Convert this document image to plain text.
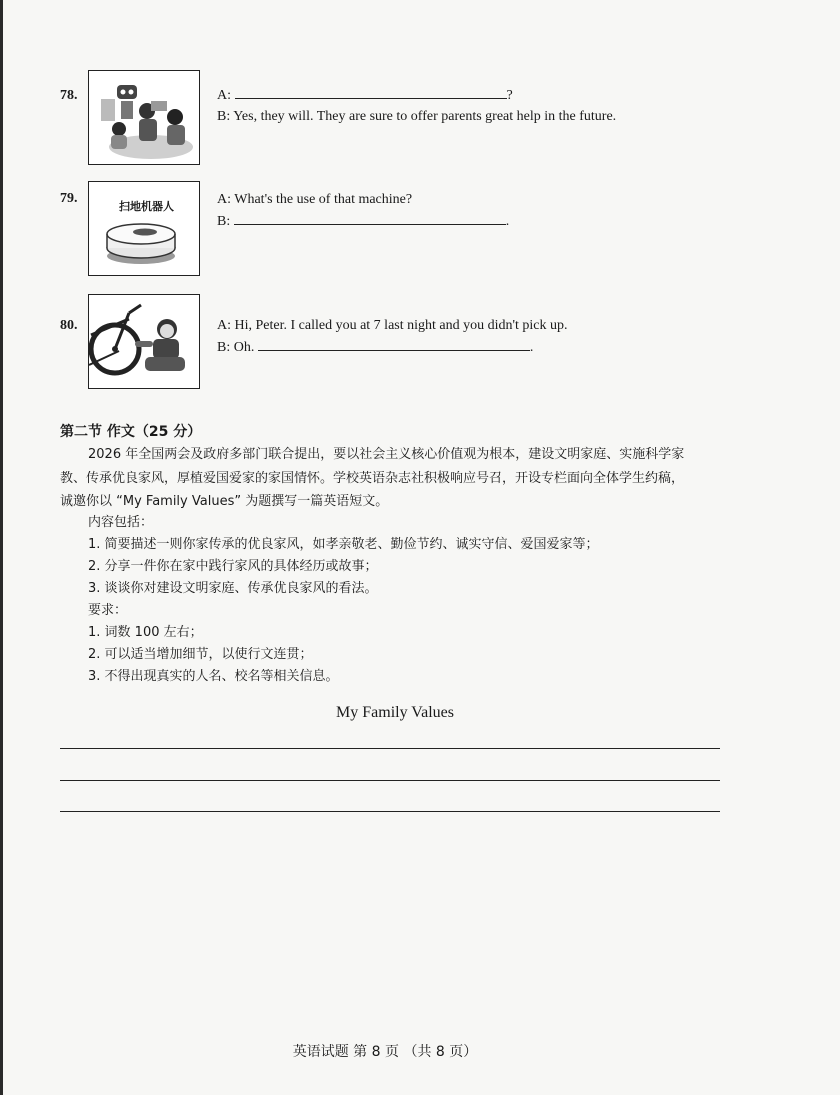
78.	A:	?
B: Yes, they will. They are sure to offer parents great help in the future.
79.
扫地机器人	A: What's the use of that machine?
B:	.
80.	A: Hi, Peter. I called you at 7 last night and you didn't pick up.
B: Oh.	.
第二节 作文（25 分）
2026 年全国两会及政府多部门联合提出，要以社会主义核心价值观为根本，建设文明家庭、实施科学家
教、传承优良家风，厚植爱国爱家的家国情怀。学校英语杂志社积极响应号召，开设专栏面向全体学生约稿，
诚邀你以 “My Family Values” 为题撰写一篇英语短文。
内容包括：
1. 简要描述一则你家传承的优良家风，如孝亲敬老、勤俭节约、诚实守信、爱国爱家等；
2. 分享一件你在家中践行家风的具体经历或故事；
3. 谈谈你对建设文明家庭、传承优良家风的看法。
要求：
1. 词数 100 左右；
2. 可以适当增加细节，以使行文连贯；
3. 不得出现真实的人名、校名等相关信息。
My Family Values
英语试题 第 8 页 （共 8 页）
